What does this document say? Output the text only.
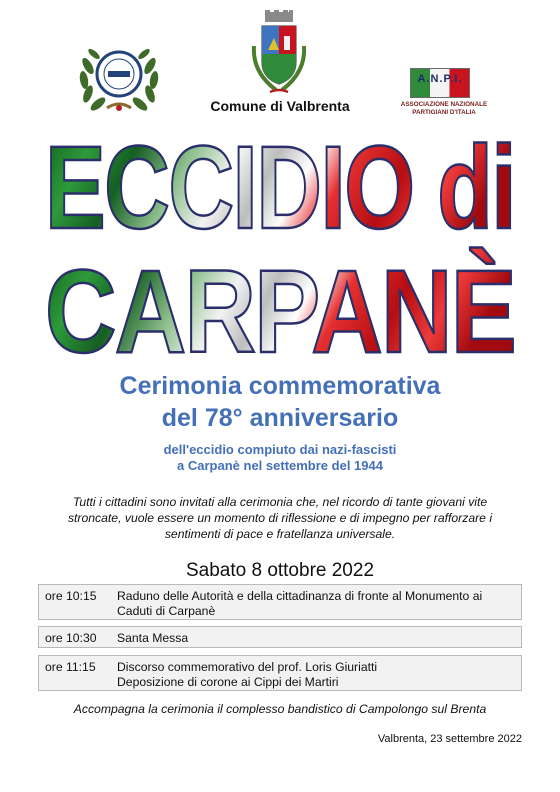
Comune di Valbrenta
A.N.P.I.
ASSOCIAZIONE NAZIONALE
PARTIGIANI D'ITALIA
ECCIDIO di
CARPANÈ
Cerimonia commemorativa
del 78° anniversario
dell'eccidio compiuto dai nazi-fascisti
a Carpanè nel settembre del 1944
Tutti i cittadini sono invitati alla cerimonia che, nel ricordo di tante giovani vite
stroncate, vuole essere un momento di riflessione e di impegno per rafforzare i
sentimenti di pace e fratellanza universale.
Sabato 8 ottobre 2022
ore 10:15	Raduno delle Autorità e della cittadinanza di fronte al Monumento ai
Caduti di Carpanè
ore 10:30	Santa Messa
ore 11:15	Discorso commemorativo del prof. Loris Giuriatti
Deposizione di corone ai Cippi dei Martiri
Accompagna la cerimonia il complesso bandistico di Campolongo sul Brenta
Valbrenta, 23 settembre 2022
